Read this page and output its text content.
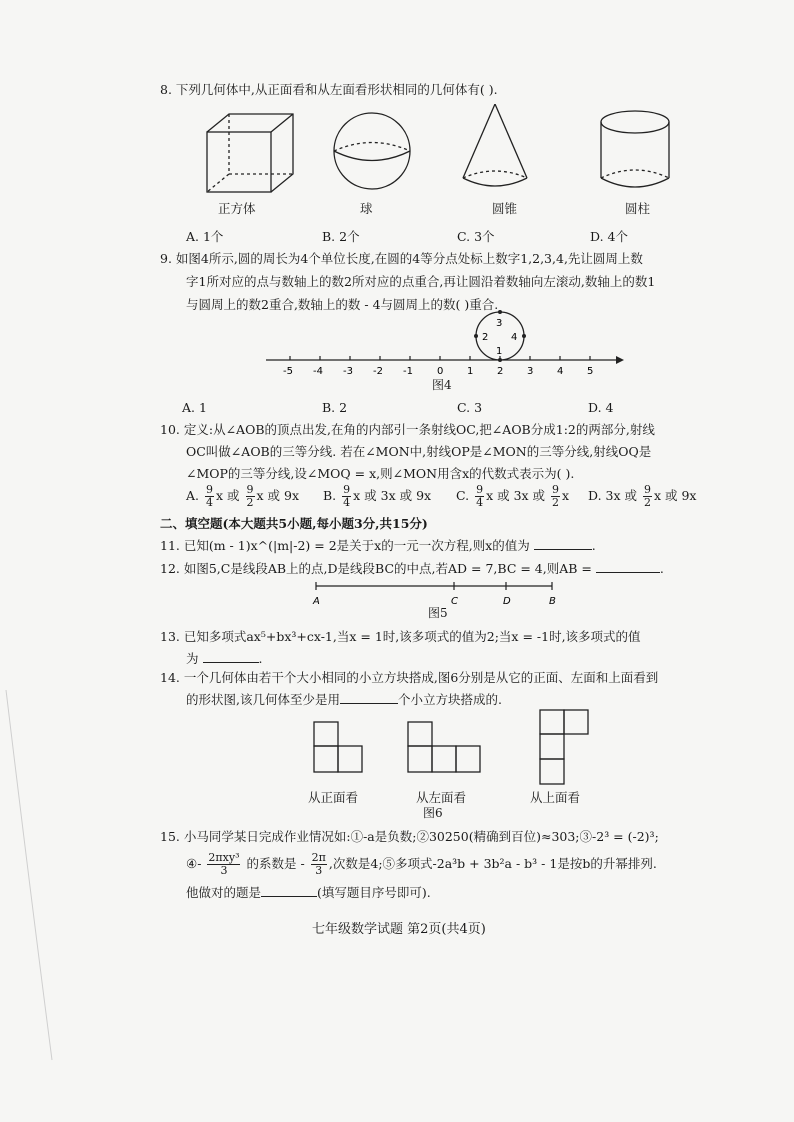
8. 下列几何体中,从正面看和从左面看形状相同的几何体有( ).
正方体	球	圆锥	圆柱
A. 1个	B. 2个	C. 3个	D. 4个
9. 如图4所示,圆的周长为4个单位长度,在圆的4等分点处标上数字1,2,3,4,先让圆周上数
字1所对应的点与数轴上的数2所对应的点重合,再让圆沿着数轴向左滚动,数轴上的数1
与圆周上的数2重合,数轴上的数 - 4与圆周上的数( )重合.
3
2 4
1
-5 -4 -3 -2 -1 0 1 2 3 4 5
图4
A. 1	B. 2	C. 3	D. 4
10. 定义:从∠AOB的顶点出发,在角的内部引一条射线OC,把∠AOB分成1:2的两部分,射线
OC叫做∠AOB的三等分线. 若在∠MON中,射线OP是∠MON的三等分线,射线OQ是
∠MOP的三等分线,设∠MOQ = x,则∠MON用含x的代数式表示为( ).
A. $\frac{9}{4}$ x 或 $\frac{9}{2}$ x 或 9x B. $\frac{9}{4}$ x 或 3x 或 9x C. $\frac{9}{4}$ x 或 3x 或 $\frac{9}{2}$ x D. 3x 或 $\frac{9}{2}$ x 或 9x
二、填空题(本大题共5小题,每小题3分,共15分)
11. 已知(m - 1)x^(|m|-2) = 2是关于x的一元一次方程,则x的值为	.
12. 如图5,C是线段AB上的点,D是线段BC的中点,若AD = 7,BC = 4,则AB =	.
A	C	D	B
图5
13. 已知多项式ax⁵+bx³+cx-1,当x = 1时,该多项式的值为2;当x = -1时,该多项式的值
为	.
14. 一个几何体由若干个大小相同的小立方块搭成,图6分别是从它的正面、左面和上面看到
的形状图,该几何体至少是用	个小立方块搭成的.
从正面看	从左面看	从上面看
图6
15. 小马同学某日完成作业情况如:①-a是负数;②30250(精确到百位)≈303;③-2³ = (-2)³;
④- $\frac{\text{2πxy³}}{3}$ 的系数是 - $\frac{2\pi}{3}$ ,次数是4;⑤多项式-2a³b + 3b²a - b³ - 1是按b的升幂排列.
他做对的题是	(填写题目序号即可).
七年级数学试题 第2页(共4页)
